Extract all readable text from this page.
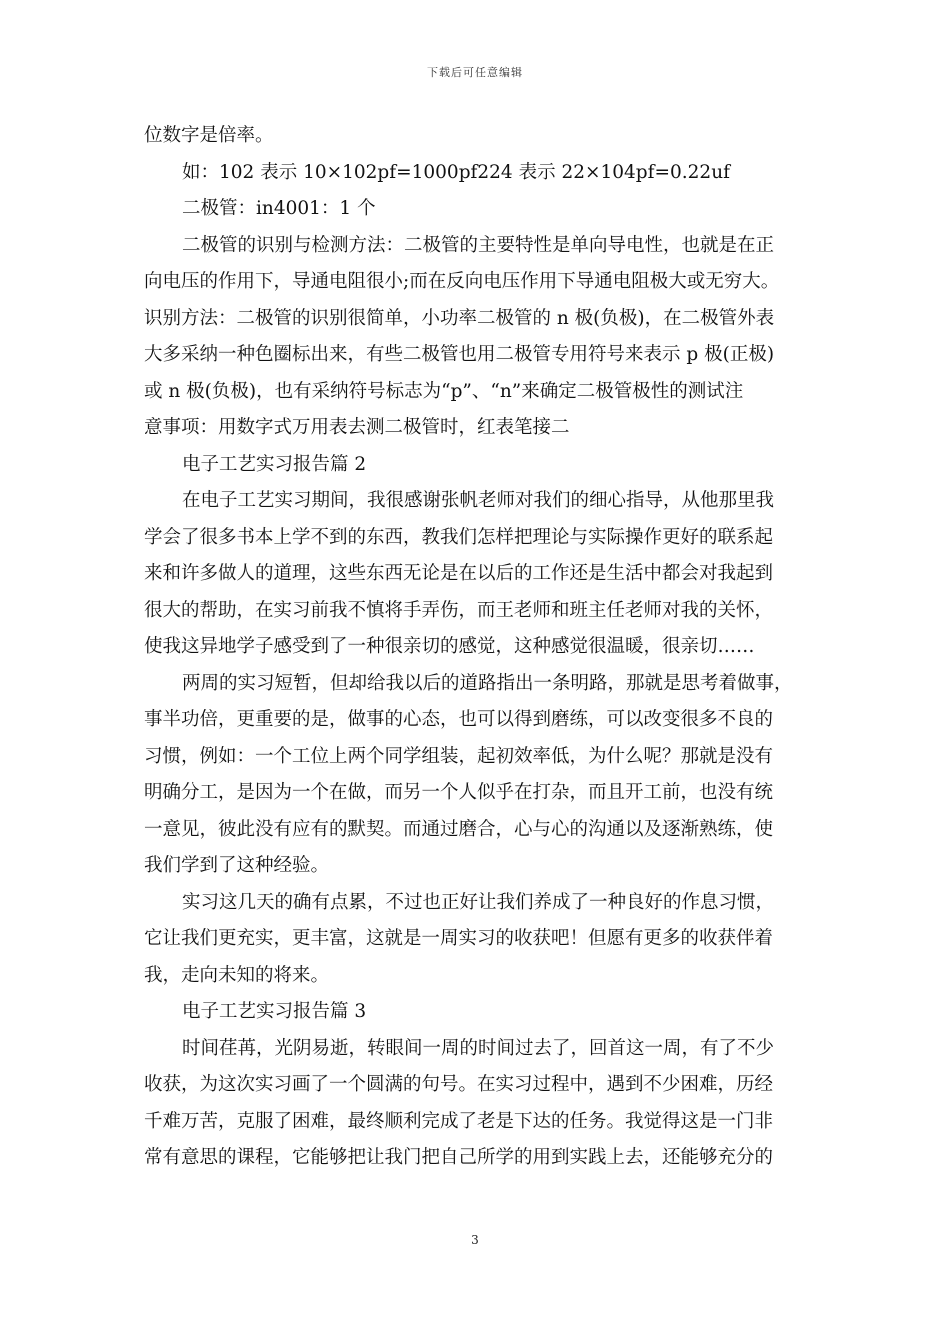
下载后可任意编辑
位数字是倍率。
如：102 表示 10×102pf=1000pf224 表示 22×104pf=0.22uf
二极管：in4001：1 个
二极管的识别与检测方法：二极管的主要特性是单向导电性，也就是在正
向电压的作用下，导通电阻很小;而在反向电压作用下导通电阻极大或无穷大。
识别方法：二极管的识别很简单，小功率二极管的 n 极(负极)，在二极管外表
大多采纳一种色圈标出来，有些二极管也用二极管专用符号来表示 p 极(正极)
或 n 极(负极)，也有采纳符号标志为“p”、“n”来确定二极管极性的测试注
意事项：用数字式万用表去测二极管时，红表笔接二
电子工艺实习报告篇 2
在电子工艺实习期间，我很感谢张帆老师对我们的细心指导，从他那里我
学会了很多书本上学不到的东西，教我们怎样把理论与实际操作更好的联系起
来和许多做人的道理，这些东西无论是在以后的工作还是生活中都会对我起到
很大的帮助，在实习前我不慎将手弄伤，而王老师和班主任老师对我的关怀，
使我这异地学子感受到了一种很亲切的感觉，这种感觉很温暖，很亲切……
两周的实习短暂，但却给我以后的道路指出一条明路，那就是思考着做事，
事半功倍，更重要的是，做事的心态，也可以得到磨练，可以改变很多不良的
习惯，例如：一个工位上两个同学组装，起初效率低，为什么呢？那就是没有
明确分工，是因为一个在做，而另一个人似乎在打杂，而且开工前，也没有统
一意见，彼此没有应有的默契。而通过磨合，心与心的沟通以及逐渐熟练，使
我们学到了这种经验。
实习这几天的确有点累，不过也正好让我们养成了一种良好的作息习惯，
它让我们更充实，更丰富，这就是一周实习的收获吧！但愿有更多的收获伴着
我，走向未知的将来。
电子工艺实习报告篇 3
时间荏苒，光阴易逝，转眼间一周的时间过去了，回首这一周，有了不少
收获，为这次实习画了一个圆满的句号。在实习过程中，遇到不少困难，历经
千难万苦，克服了困难，最终顺利完成了老是下达的任务。我觉得这是一门非
常有意思的课程，它能够把让我门把自己所学的用到实践上去，还能够充分的
3
